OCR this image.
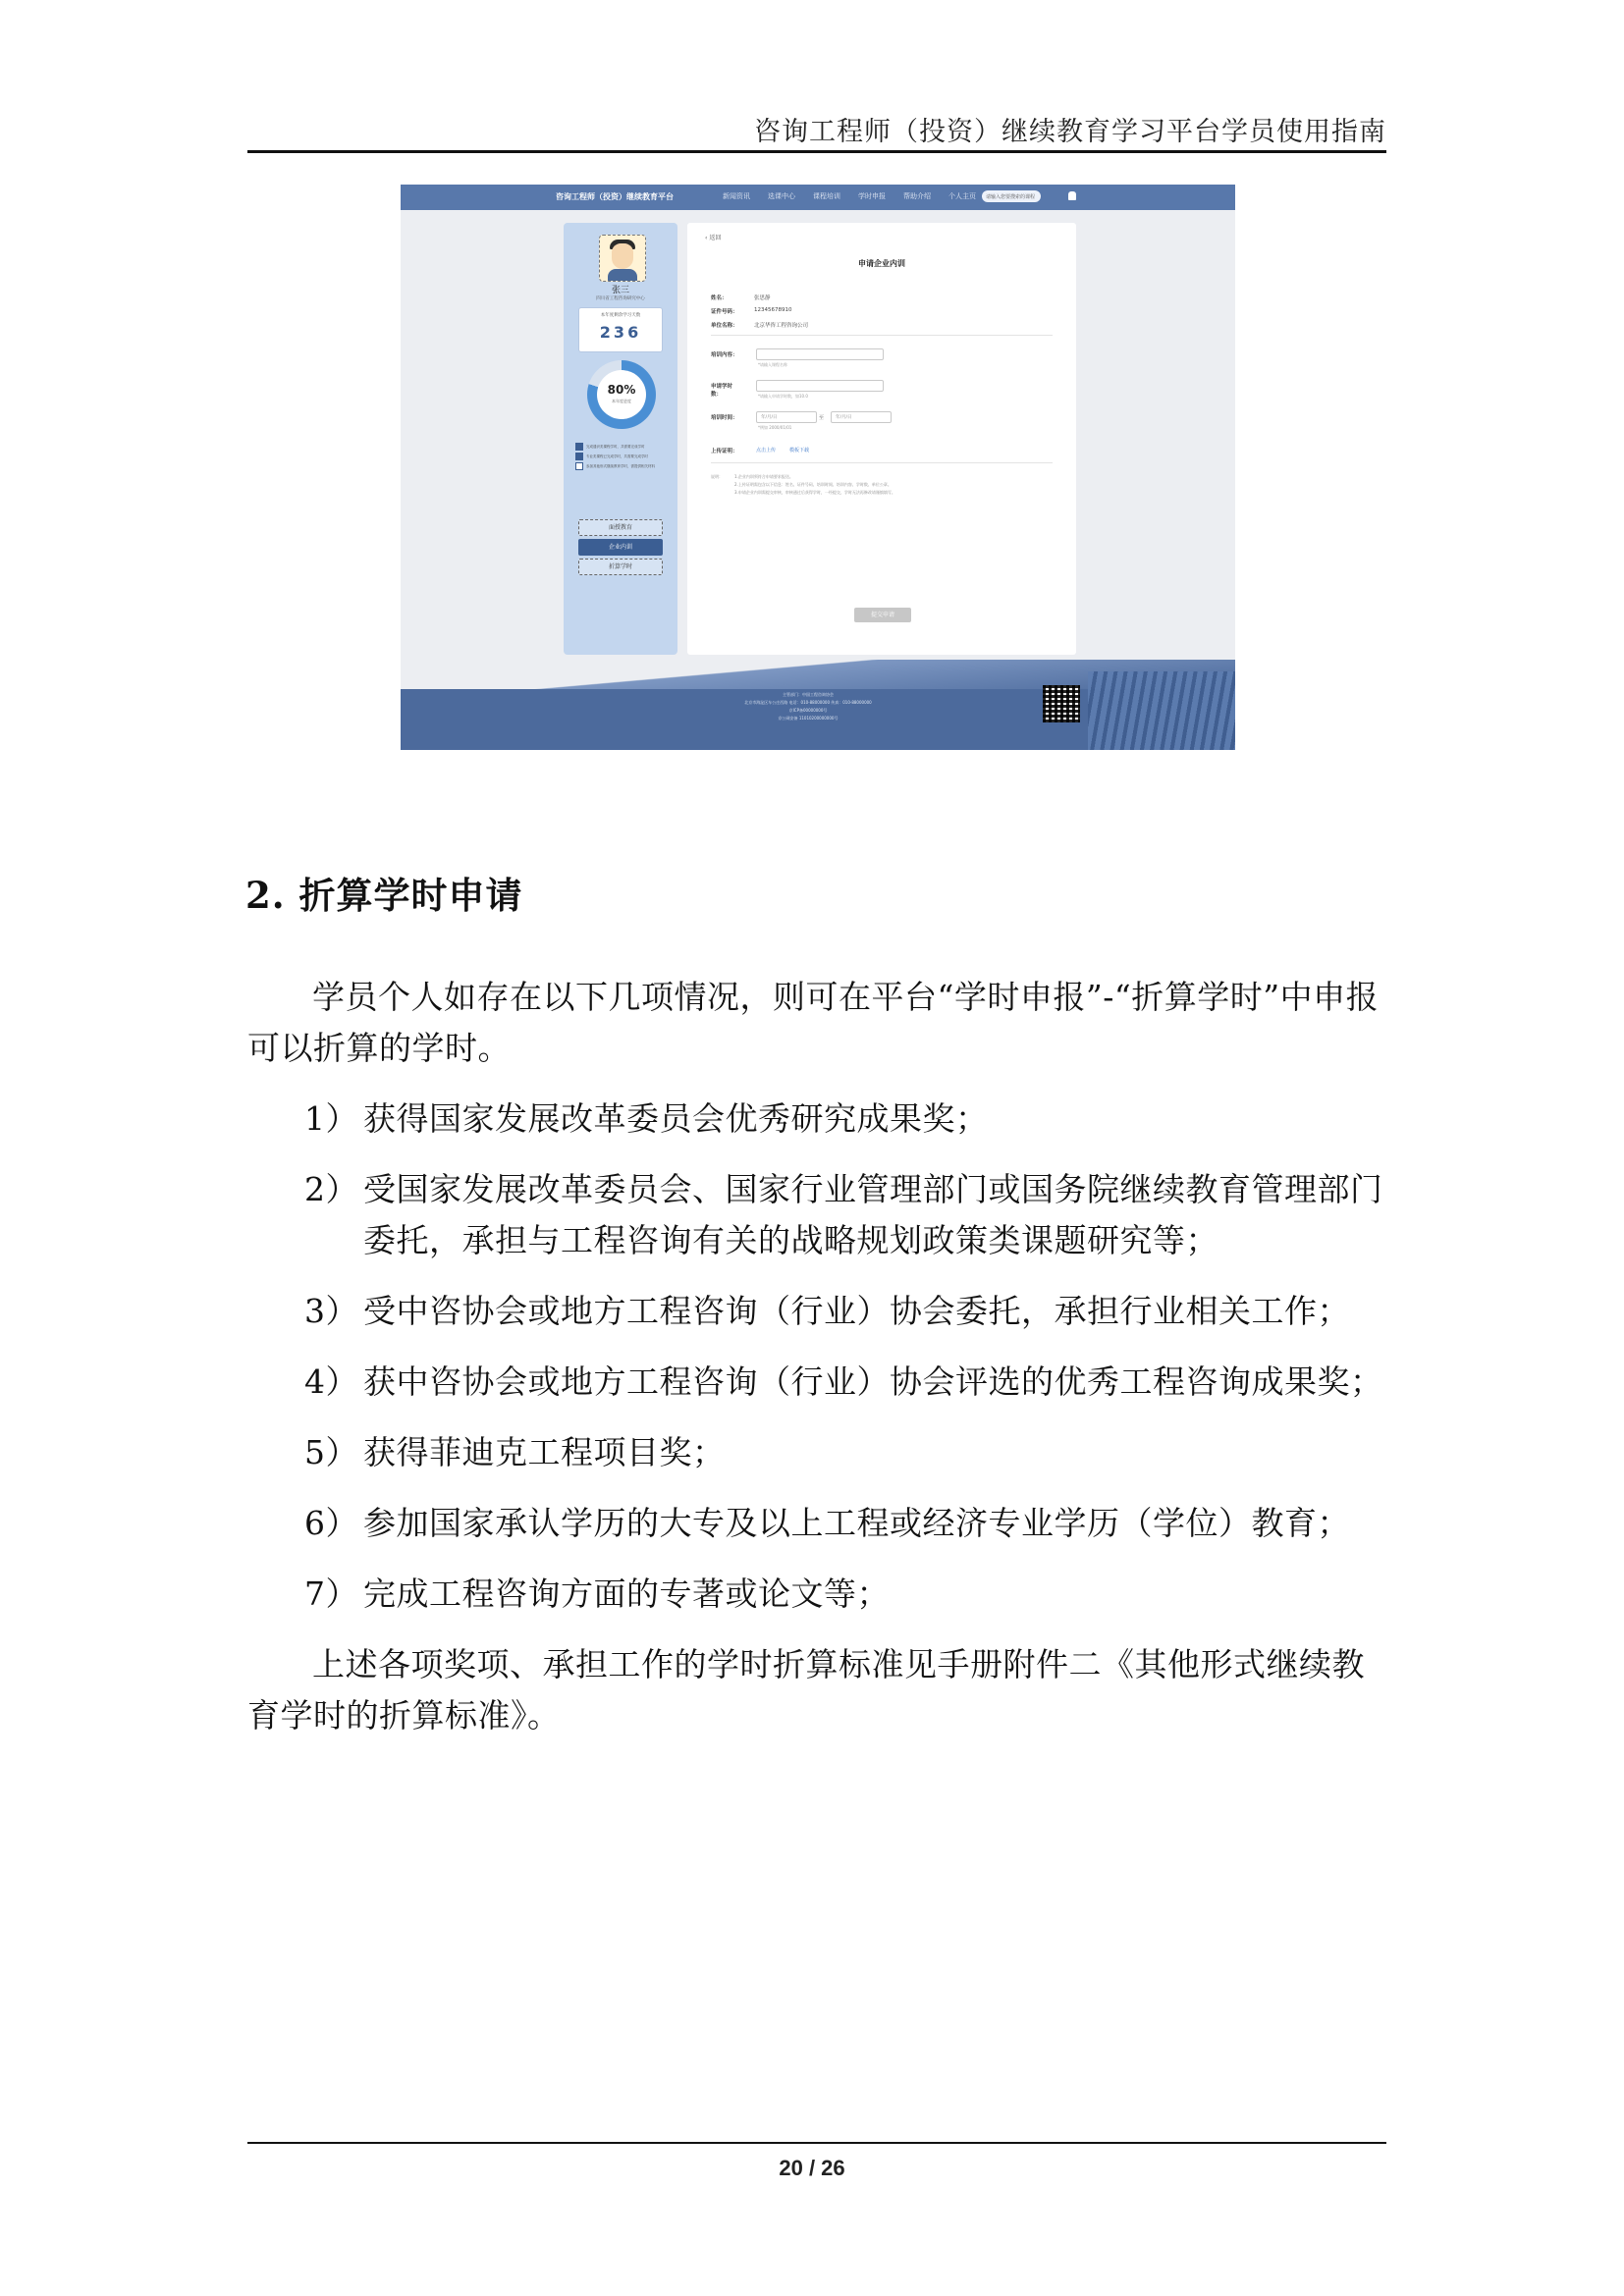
咨询工程师（投资）继续教育学习平台学员使用指南
咨询工程师（投资）继续教育平台	新闻资讯	选课中心	课程培训	学时申报	帮助介绍	个人主页 请输入您要搜索的课程
张三
四川省工程咨询研究中心
本年度剩余学习天数
236
80%
本年度进度
完成通识类课程学时，共需要完成学时
专业类课程已完成学时，共需要完成学时
参加其他形式继续教育学时，需提供相关材料
面授教育
企业内训
折算学时
‹ 返回
申请企业内训
姓名：	张思静
证件号码：	12345678910
单位名称：	北京华咨工程咨询公司
培训内容：
*请输入课程名称
申请学时数：	*请输入申请学时数，如10.0
培训时间：	年/月/日	至	年/月/日
*例如 2000/01/01
上传证明：	点击上传	模板下载
说明：	1.企业内训须符合申请要求报送。
2.上传证明需包含以下信息：姓名、证件号码、培训时间、培训内容、学时数、单位公章。
3.申请企业内训需提交审核，审核通过后获得学时，一经提交，学时无法再修改请谨慎填写。
提交申请
主管部门：中国工程咨询协会
北京市海淀区车公庄西路 电话：010-88000000 传真：010-88000000
京ICP备00000000号
京公网安备 11010200000000号
2. 折算学时申请
学员个人如存在以下几项情况，则可在平台“学时申报”-“折算学时”中申报可以折算的学时。
1） 获得国家发展改革委员会优秀研究成果奖；
2） 受国家发展改革委员会、国家行业管理部门或国务院继续教育管理部门委托，承担与工程咨询有关的战略规划政策类课题研究等；
3） 受中咨协会或地方工程咨询（行业）协会委托，承担行业相关工作；
4） 获中咨协会或地方工程咨询（行业）协会评选的优秀工程咨询成果奖；
5） 获得菲迪克工程项目奖；
6） 参加国家承认学历的大专及以上工程或经济专业学历（学位）教育；
7） 完成工程咨询方面的专著或论文等；
上述各项奖项、承担工作的学时折算标准见手册附件二《其他形式继续教育学时的折算标准》。
20 / 26
